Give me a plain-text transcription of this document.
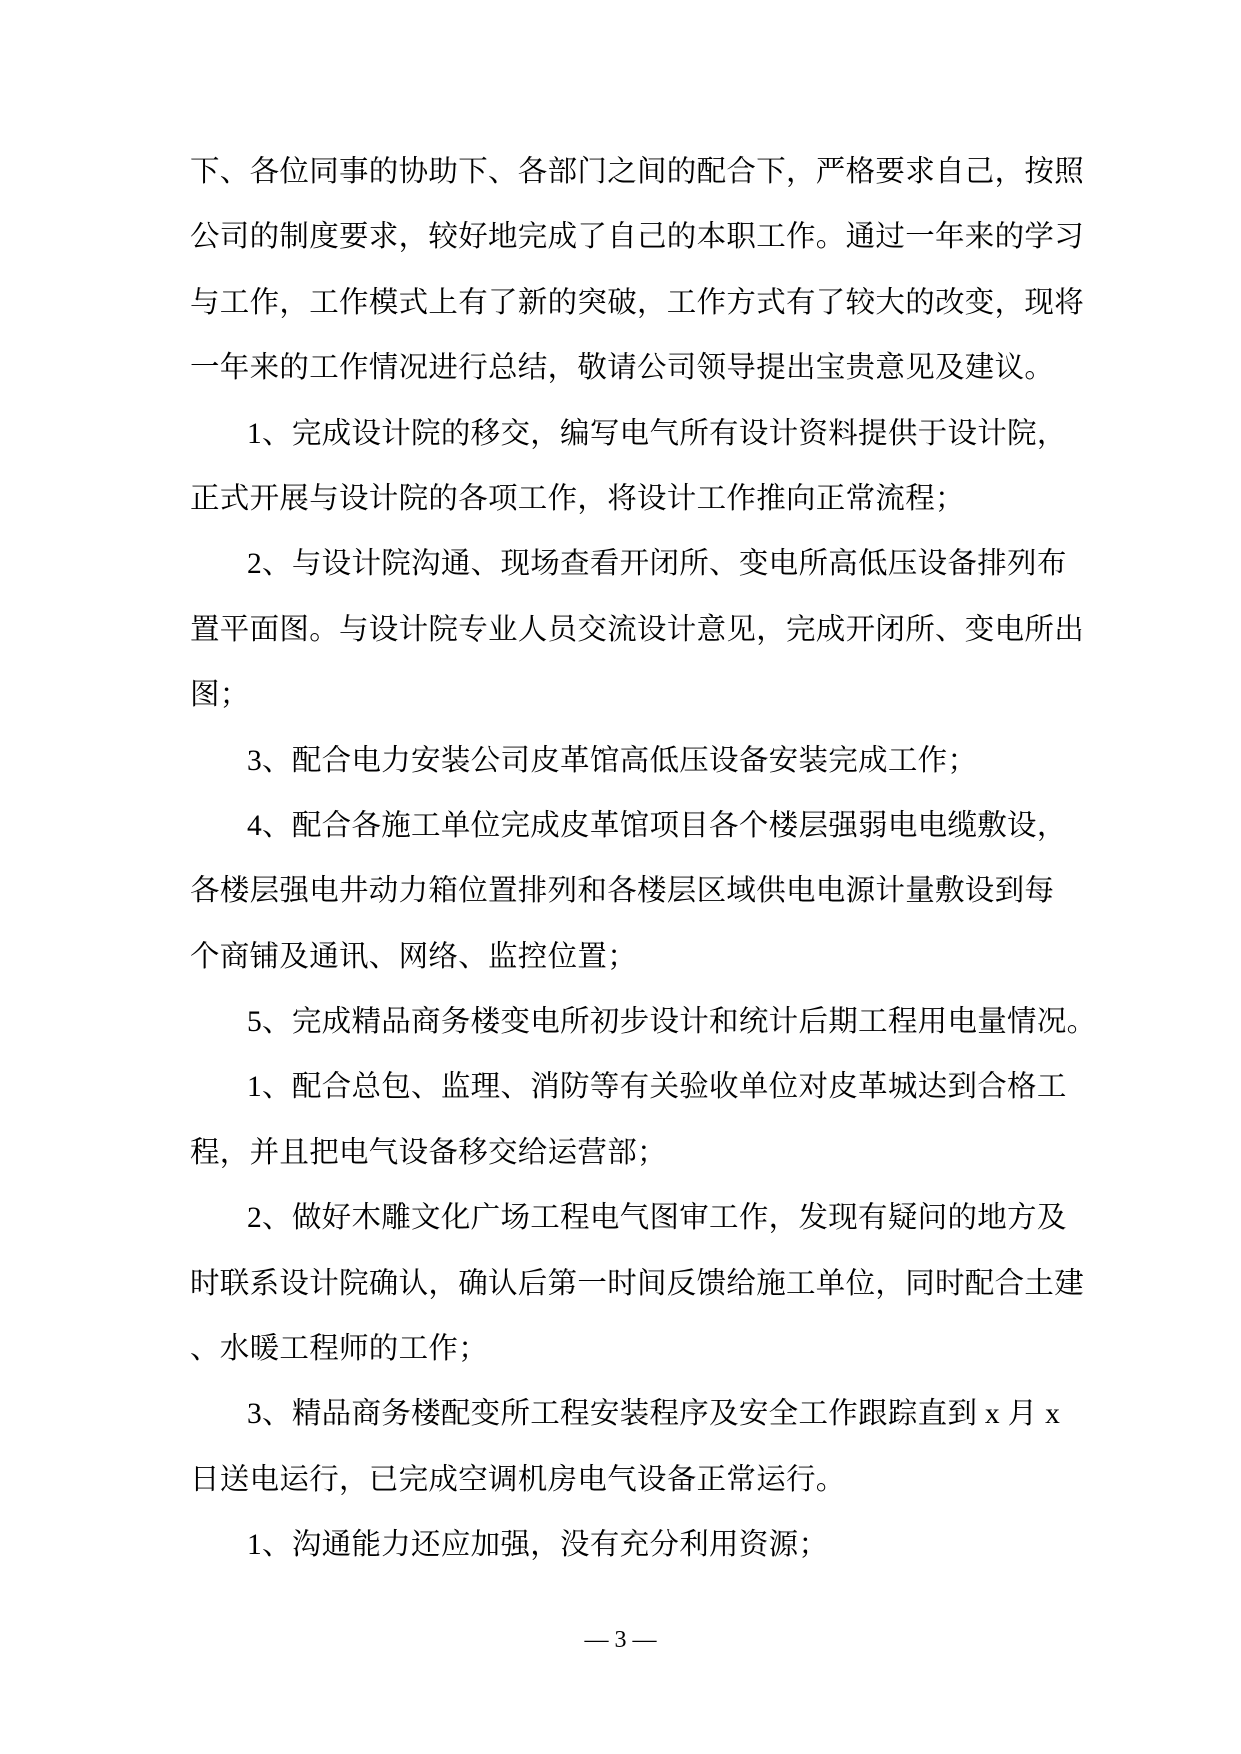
下、各位同事的协助下、各部门之间的配合下，严格要求自己，按照
公司的制度要求，较好地完成了自己的本职工作。通过一年来的学习
与工作，工作模式上有了新的突破，工作方式有了较大的改变，现将
一年来的工作情况进行总结，敬请公司领导提出宝贵意见及建议。
1、完成设计院的移交，编写电气所有设计资料提供于设计院，
正式开展与设计院的各项工作，将设计工作推向正常流程；
2、与设计院沟通、现场查看开闭所、变电所高低压设备排列布
置平面图。与设计院专业人员交流设计意见，完成开闭所、变电所出
图；
3、配合电力安装公司皮革馆高低压设备安装完成工作；
4、配合各施工单位完成皮革馆项目各个楼层强弱电电缆敷设，
各楼层强电井动力箱位置排列和各楼层区域供电电源计量敷设到每
个商铺及通讯、网络、监控位置；
5、完成精品商务楼变电所初步设计和统计后期工程用电量情况。
1、配合总包、监理、消防等有关验收单位对皮革城达到合格工
程，并且把电气设备移交给运营部；
2、做好木雕文化广场工程电气图审工作，发现有疑问的地方及
时联系设计院确认，确认后第一时间反馈给施工单位，同时配合土建
、水暖工程师的工作；
3、精品商务楼配变所工程安装程序及安全工作跟踪直到 x 月 x
日送电运行，已完成空调机房电气设备正常运行。
1、沟通能力还应加强，没有充分利用资源；
— 3 —
